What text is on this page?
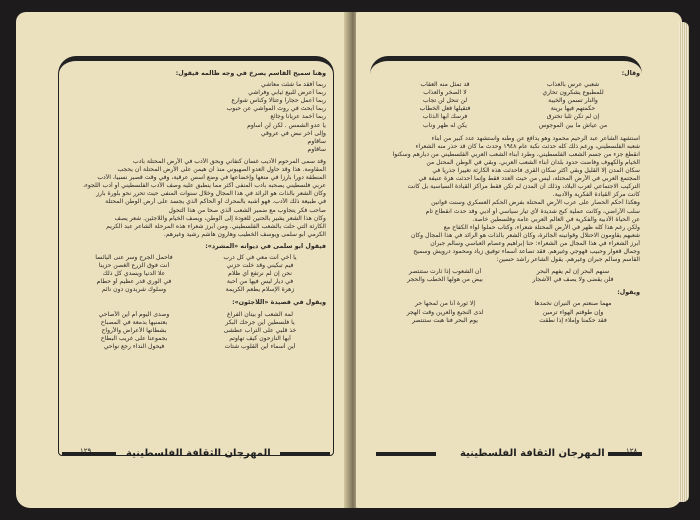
وهنا سميح القاسم يصرخ في وجه ظالمه فيقول:
ربما أفقد ما شئت معاشي
ربما أعرض للبيع ثيابي وفراشي
ربما أعمل حجارا وعتالا وكناس شوارع
ربما أبحث في روث المواشي عن حبوب
ربما أخمد عريانا وجائع
يا عدو الشمس . لكن لن أساوم
وإلى آخر نبض في عروقي
سأقاوم
سأقاوم
وقد سمى المرحوم الأديب غسان كنفاني وبحق الأدب في الأرض المحتلة بأدب
المقاومة. هذا وقد حاول العدو الصهيوني منذ أن هيمن على الأرض المحتلة أن يحجب
المنطقة دوراً بارزاً في منعها وإخضاعها في وضع أسس عرقية، وفي وقت قصير نسبياً، الأدب
عربي فلسطيني يصحبه بأدب المنفى أكثر مما ينطبق عليه وصف الأدب الفلسطيني أو أدب اللجوء،
وكان الشعر بالذات هو الرائد في هذا المجال وخلال سنوات المنفى حيث تحرر نحو بلورة بارز
في طبيعة ذلك الأدب. فهو أشبه بالمحرك أو الحاكم الذي يجسد على أرض الوطن المحتلة
صاحب فكر يتجاوب مع ضمير الشعب الذي صحا من هذا التحول
وكان هذا الشعر يشير بالحنين للعودة إلى الوطن، ويصف الخيام واللاجئين. شعر يصف
الكارثة التي حلت بالشعب الفلسطيني. ومن أبرز شعراء هذه المرحلة الشاعر عبد الكريم
الكرمي أبو سلمى ويوسف الخطيب وهارون هاشم رشيد وغيرهم.
فيقول أبو سلمى في ديوانه «المشرد»:
يا أخي أنت معي في كل درب
فيم تبكيني وقد خلت حزني
نحن إن لم نرتفع أي ظلام
في ديار ليس فيها من أحبة
زهرة الإسلام يطعم الكريمة
فاحمل الجرح وسر عنى اليائسا
أنت فوق الزرع الغصن حزيناً
علا الدنيا ويسدي كل ذلك
في الوري قدر عظيم أو حطام
وسلوك شريدون دون نائم
ويقول في قصيدة «اللاجئون»:
لمة الشعب أو بيتان الفراغ
يا فلسطين أين جرحك البكر
خذ قلبي على التراب عطشى
أيها النازحون كيف تهاوتم
أين أسماء أين القلوب شتات
وصدى اليوم أم أين الأصاحي
بعتمنيها بدمعة في المصباح
بشطآنها الأعراض والأرواح
بجموعنا على غريب البطاح
فيحول النداء رجع نواحي
المهرجان الثقافة الفلسطينية
١٢٩
وقال:
شعبي عرس بالعذاب
للمطبوع يشكرون تحاري
والنار تسمن والخيبة
حكمتهم فيها برينة
إن لم تكن ثلباً تخترق
من عياش ما بين الموجوس
قد تمثل منه العقاب
لا الصخر والعذاب
لن تنحل لن تجاب
فتقيلها فعل الخطاب
فرسك أيها الذئاب
يكن له ظهر وناب
استشهد الشاعر عبد الرحيم محمود وهو يدافع عن وطنه واستشهد عدد كبير من أبناء
شعبه الفلسطيني، ورغم ذلك كله حدثت نكبة عام ١٩٤٨ وحدث ما كان قد حذر منه الشعراء
انقطع جزء من جسم الشعب الفلسطيني، وطرد أبناء الشعب العربي الفلسطيني من ديارهم وسكنوا
الخيام والكهوف وفاضت حدود بلدان أبناء الشعب العربي. وبقي في الوطن المحتل من
سكان المدن إلا القليل وبقي أكثر سكان القرى فأحدثت هذه الكارثة تغييراً جذرياً في
المجتمع العربي في الأرض المحتلة، ليس من حيث العدد فقط وإنما أحدثت هزة عنيفة في
التركيب الاجتماعي لعرب البلاد، وذلك أن المدن لم تكن فقط مراكز القيادة السياسية بل كانت
كانت مركز القيادة الفكرية والأدبية.
وهكذا أحكم الحصار على عرب الأرض المحتلة بفرض الحكم العسكري وسنت قوانين
سلب الأراضي، وكانت عملية كبح شديدة لأي تيار سياسي أو أدبي وقد حدث انقطاع تام
عن الحياة الأدبية والفكرية في العالم العربي عامة وفلسطين خاصة.
ولكن رغم هذا كله ظهر في الأرض المحتلة شعراء، وكتاب حملوا لواء الكفاح مع
شعبهم يقاومون الاحتلال وقوانينه الجائرة، وكان الشعر بالذات هو الرائد في هذا المجال وكان
أبرز الشعراء في هذا المجال من الشعراء: حنا إبراهيم وعصام العباسي وسالم جبران
وجمال قعوار وحبيب قهوجي وغيرهم. فقد تصاعد أسماء توفيق زياد ومحمود درويش وسميح
القاسم وسالم جبران وغيرهم. يقول الشاعر راشد حسين:
سنهم البحر إن لم يفهم البحر
فلن يقضى ولا يصف في الأشجار
أن الشعوب إذا ثارت ستنتصر
بيض من هولها الخطب والحجر
ويقول:
مهما صنعتم من النيران نخمدها
وإن طوقتم الهواء ترمين
فقد حكمنا وإملاء إذا نطقت
إلا ثورة أنا من لمحها حر
لدى النجيع والعرين وقت الهجر
يوم البحر فنا هبت ستنتصر
المهرجان الثقافة الفلسطينية	١٢٨
